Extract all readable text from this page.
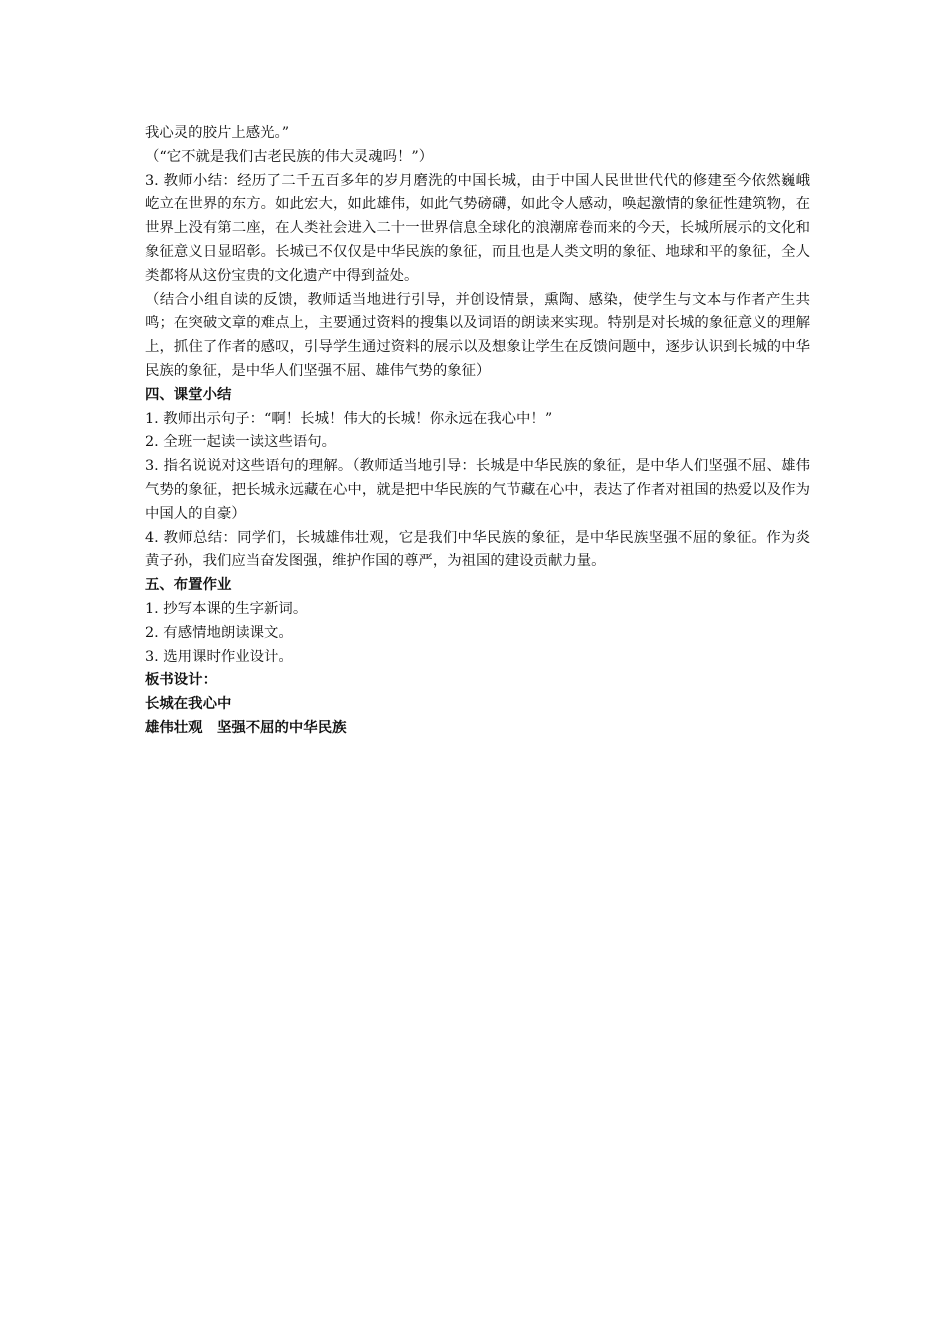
我心灵的胶片上感光。”

（“它不就是我们古老民族的伟大灵魂吗！”）

3. 教师小结：经历了二千五百多年的岁月磨洗的中国长城，由于中国人民世世代代的修建至今依然巍峨屹立在世界的东方。如此宏大，如此雄伟，如此气势磅礴，如此令人感动，唤起激情的象征性建筑物，在世界上没有第二座，在人类社会进入二十一世界信息全球化的浪潮席卷而来的今天，长城所展示的文化和象征意义日显昭彰。长城已不仅仅是中华民族的象征，而且也是人类文明的象征、地球和平的象征，全人类都将从这份宝贵的文化遗产中得到益处。

（结合小组自读的反馈，教师适当地进行引导，并创设情景，熏陶、感染，使学生与文本与作者产生共鸣；在突破文章的难点上，主要通过资料的搜集以及词语的朗读来实现。特别是对长城的象征意义的理解上，抓住了作者的感叹，引导学生通过资料的展示以及想象让学生在反馈问题中，逐步认识到长城的中华民族的象征，是中华人们坚强不屈、雄伟气势的象征）

四、课堂小结

1. 教师出示句子：“啊！长城！伟大的长城！你永远在我心中！”

2. 全班一起读一读这些语句。

3. 指名说说对这些语句的理解。（教师适当地引导：长城是中华民族的象征，是中华人们坚强不屈、雄伟气势的象征，把长城永远藏在心中，就是把中华民族的气节藏在心中，表达了作者对祖国的热爱以及作为中国人的自豪）

4. 教师总结：同学们，长城雄伟壮观，它是我们中华民族的象征，是中华民族坚强不屈的象征。作为炎黄子孙，我们应当奋发图强，维护作国的尊严，为祖国的建设贡献力量。

五、布置作业

1. 抄写本课的生字新词。

2. 有感情地朗读课文。

3. 选用课时作业设计。

板书设计：

长城在我心中

雄伟壮观　坚强不屈的中华民族
